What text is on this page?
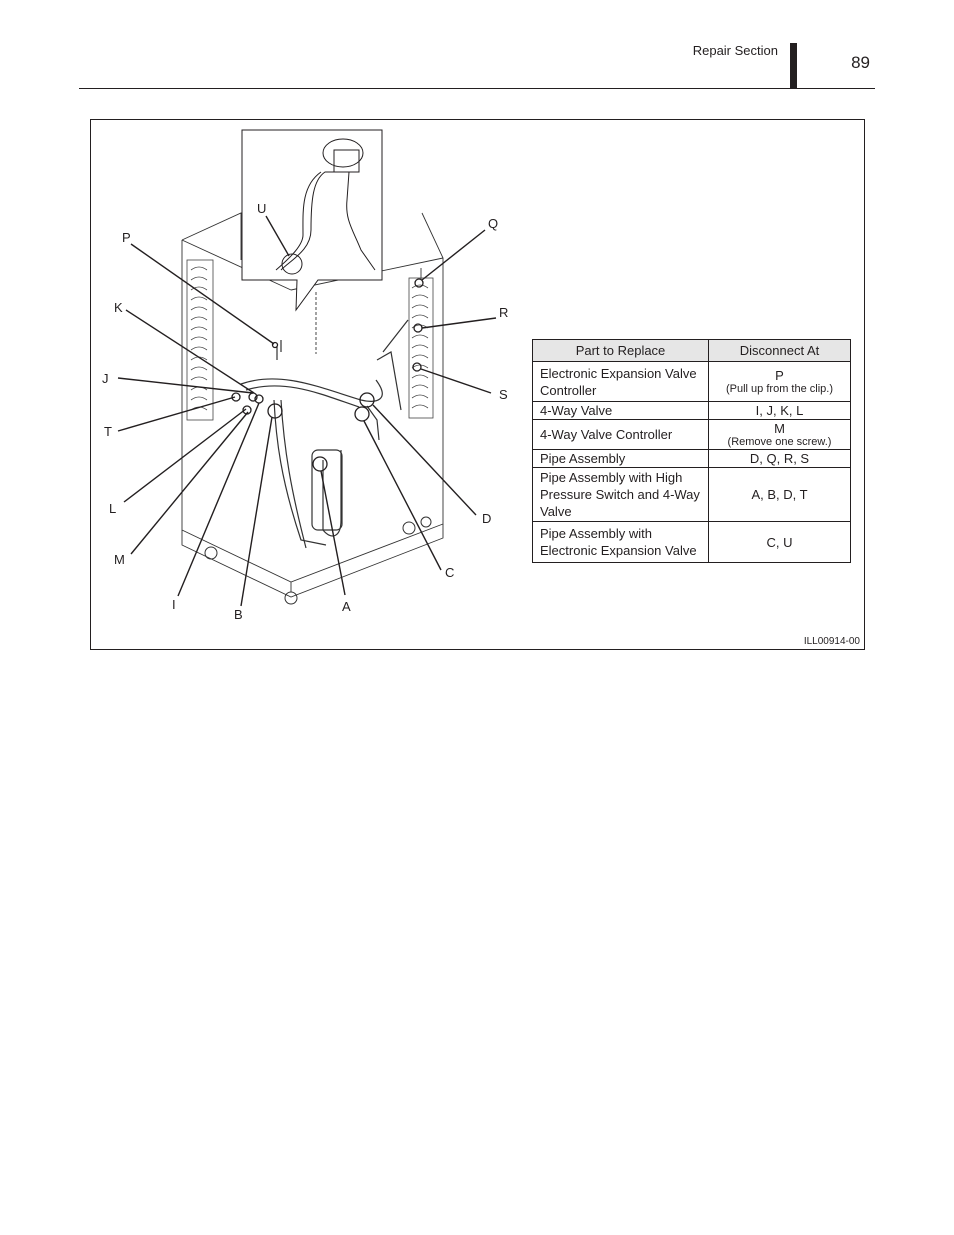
Repair Section
89
U
P
K
J
T
L
M
I
B
A
C
D
S
R
Q
Part to Replace	Disconnect At
Electronic Expansion Valve Controller	P
(Pull up from the clip.)

4-Way Valve	I, J, K, L
4-Way Valve Controller	M
(Remove one screw.)

Pipe Assembly	D, Q, R, S
Pipe Assembly with High Pressure Switch and 4-Way Valve	A, B, D, T
Pipe Assembly with Electronic Expansion Valve	C, U
ILL00914-00
